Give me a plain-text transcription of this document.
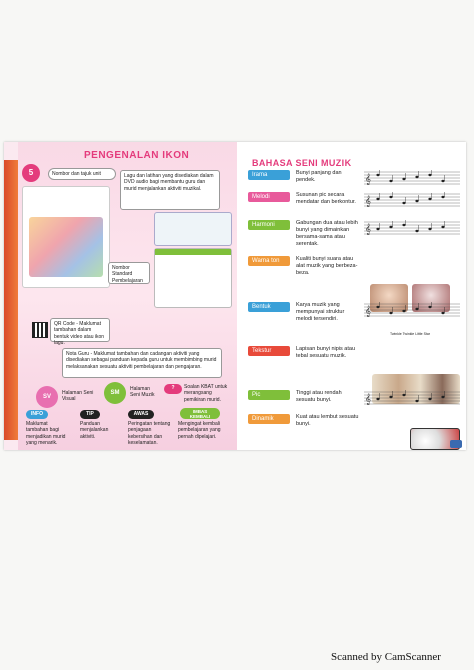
PENGENALAN IKON
5	Nombor dan tajuk unit	Lagu dan latihan yang disediakan dalam DVD audio bagi membantu guru dan murid menjalankan aktiviti muzikal.
Nombor Standard Pembelajaran
QR Code - Maklumat tambahan dalam bentuk video atau ikon lagu.
Nota Guru - Maklumat tambahan dan cadangan aktiviti yang disediakan sebagai panduan kepada guru untuk membimbing murid melaksanakan sesuatu aktiviti pembelajaran dan pengajaran.
SV
Halaman Seni Visual
SM
Halaman Seni Muzik
?	Soalan KBAT untuk merangsang pemikiran murid.
INFO
Maklumat tambahan bagi menjadikan murid yang menarik.
TIP
Panduan menjalankan aktiviti.
AWAS
Peringatan tentang penjagaan kebersihan dan keselamatan.
IMBAS KEMBALI
Mengingat kembali pembelajaran yang pernah dipelajari.
BAHASA SENI MUZIK
Twinkle Twinkle Little Star
Irama	Bunyi panjang dan pendek.	𝄞
Melodi	Susunan pic secara mendatar dan berkontur. 𝄞
Harmoni	Gabungan dua atau lebih bunyi yang dimainkan bersama-sama atau serentak.
𝄞
Warna ton	Kualiti bunyi suara atau alat muzik yang berbeza-beza.
Bentuk	Karya muzik yang mempunyai struktur melodi tersendiri.
𝄞
Tekstur	Lapisan bunyi nipis atau tebal sesuatu muzik.
Pic	Tinggi atau rendah sesuatu bunyi.	𝄞
Dinamik	Kuat atau lembut sesuatu bunyi.
Scanned by CamScanner
